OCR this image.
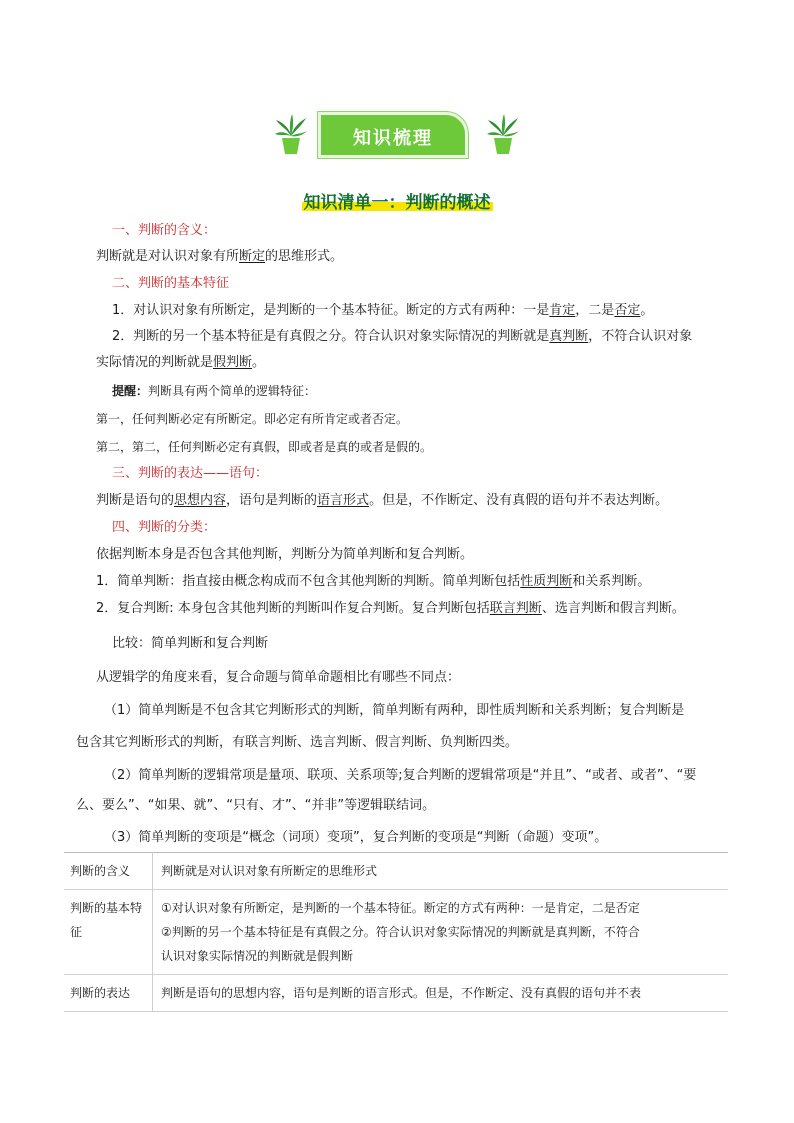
知识梳理
知识清单一：判断的概述
一、判断的含义：
判断就是对认识对象有所断定的思维形式。
二、判断的基本特征
1．对认识对象有所断定，是判断的一个基本特征。断定的方式有两种：一是肯定，二是否定。
2．判断的另一个基本特征是有真假之分。符合认识对象实际情况的判断就是真判断，不符合认识对象
实际情况的判断就是假判断。
提醒：判断具有两个简单的逻辑特征：
第一，任何判断必定有所断定。即必定有所肯定或者否定。
第二，第二，任何判断必定有真假，即或者是真的或者是假的。
三、判断的表达——语句：
判断是语句的思想内容，语句是判断的语言形式。但是，不作断定、没有真假的语句并不表达判断。
四、判断的分类：
依据判断本身是否包含其他判断，判断分为简单判断和复合判断。
1．简单判断：指直接由概念构成而不包含其他判断的判断。简单判断包括性质判断和关系判断。
2．复合判断: 本身包含其他判断的判断叫作复合判断。复合判断包括联言判断、选言判断和假言判断。
比较：简单判断和复合判断
从逻辑学的角度来看，复合命题与简单命题相比有哪些不同点：
（1）简单判断是不包含其它判断形式的判断，简单判断有两种，即性质判断和关系判断；复合判断是
包含其它判断形式的判断，有联言判断、选言判断、假言判断、负判断四类。
（2）简单判断的逻辑常项是量项、联项、关系项等;复合判断的逻辑常项是“并且”、“或者、或者”、“要
么、要么”、“如果、就”、“只有、才”、“并非”等逻辑联结词。
（3）简单判断的变项是“概念（词项）变项”，复合判断的变项是“判断（命题）变项”。
判断的含义	判断就是对认识对象有所断定的思维形式

判断的基本特征	①对认识对象有所断定，是判断的一个基本特征。断定的方式有两种：一是肯定，二是否定
②判断的另一个基本特征是有真假之分。符合认识对象实际情况的判断就是真判断，不符合
认识对象实际情况的判断就是假判断

判断的表达	判断是语句的思想内容，语句是判断的语言形式。但是，不作断定、没有真假的语句并不表
